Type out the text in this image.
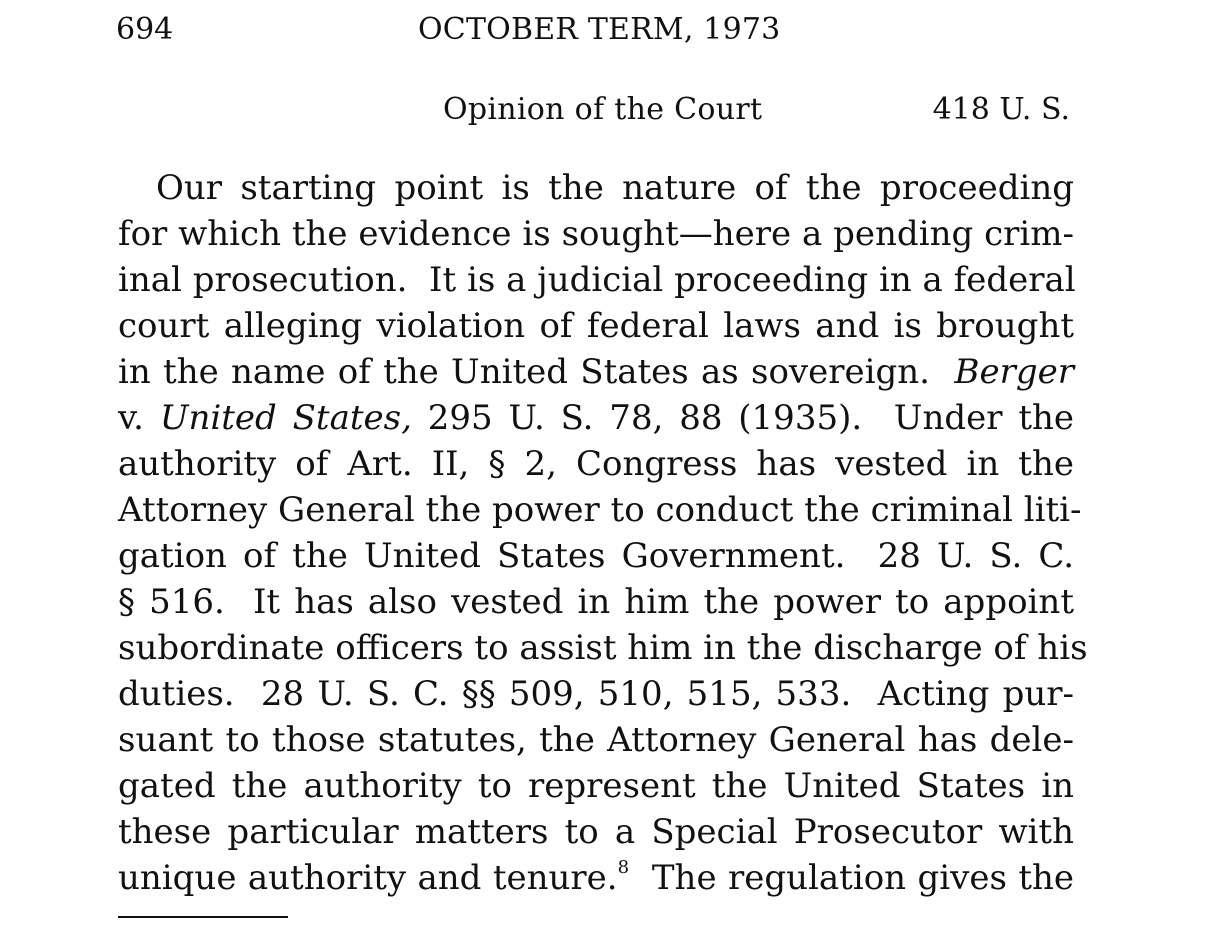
694	OCTOBER TERM, 1973
Opinion of the Court	418 U. S.
Our starting point is the nature of the proceeding
for which the evidence is sought—here a pending crim-
inal prosecution.  It is a judicial proceeding in a federal
court alleging violation of federal laws and is brought
in the name of the United States as sovereign.  Berger
v. United States, 295 U. S. 78, 88 (1935).  Under the
authority of Art. II, § 2, Congress has vested in the
Attorney General the power to conduct the criminal liti-
gation of the United States Government.  28 U. S. C.
§ 516.  It has also vested in him the power to appoint
subordinate officers to assist him in the discharge of his
duties.  28 U. S. C. §§ 509, 510, 515, 533.  Acting pur-
suant to those statutes, the Attorney General has dele-
gated the authority to represent the United States in
these particular matters to a Special Prosecutor with
unique authority and tenure.$^8$  The regulation gives the
